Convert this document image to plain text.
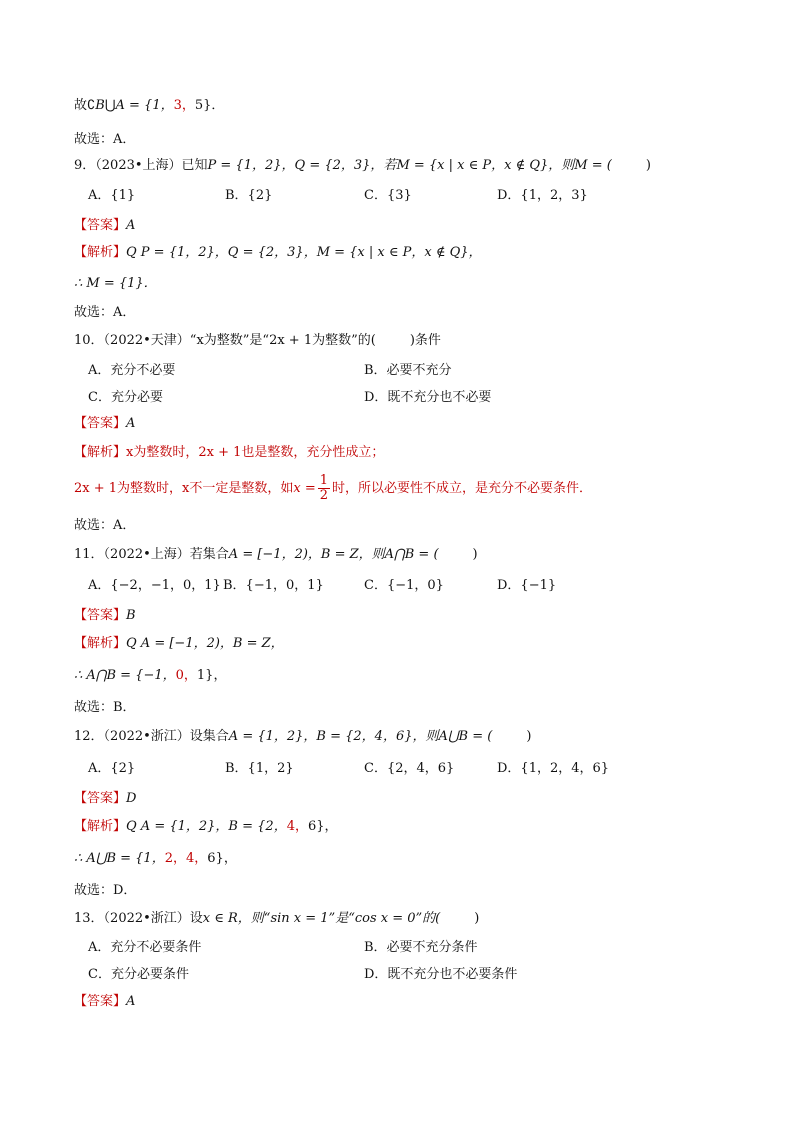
故∁B⋃A = {1，3，5}．
故选：A．
9．（2023•上海）已知P = {1，2}，Q = {2，3}，若M = {x | x ∈ P，x ∉ Q}，则M = (	)
A．{1}	B．{2}	C．{3}	D．{1，2，3}
【答案】A
【解析】Q P = {1，2}，Q = {2，3}，M = {x | x ∈ P，x ∉ Q}，
∴ M = {1}．
故选：A．
10．（2022•天津）“x为整数”是“2x + 1为整数”的(	)条件
A．充分不必要	B．必要不充分
C．充分必要	D．既不充分也不必要
【答案】A
【解析】x为整数时，2x + 1也是整数，充分性成立；
2x + 1为整数时，x不一定是整数，如$x = \frac{1}{2}$ 时，所以必要性不成立，是充分不必要条件．
故选：A．
11．（2022•上海）若集合A = [−1，2)，B = Z，则A⋂B = (	)
A．{−2，−1，0，1} B．{−1，0，1}	C．{−1，0}	D．{−1}
【答案】B
【解析】Q A = [−1，2)，B = Z，
∴ A⋂B = {−1，0，1}，
故选：B．
12．（2022•浙江）设集合A = {1，2}，B = {2，4，6}，则A⋃B = (	)
A．{2}	B．{1，2}	C．{2，4，6}	D．{1，2，4，6}
【答案】D
【解析】Q A = {1，2}，B = {2，4，6}，
∴ A⋃B = {1，2，4，6}，
故选：D．
13．（2022•浙江）设x ∈ R，则“sin x = 1”是“cos x = 0”的(	)
A．充分不必要条件	B．必要不充分条件
C．充分必要条件	D．既不充分也不必要条件
【答案】A
